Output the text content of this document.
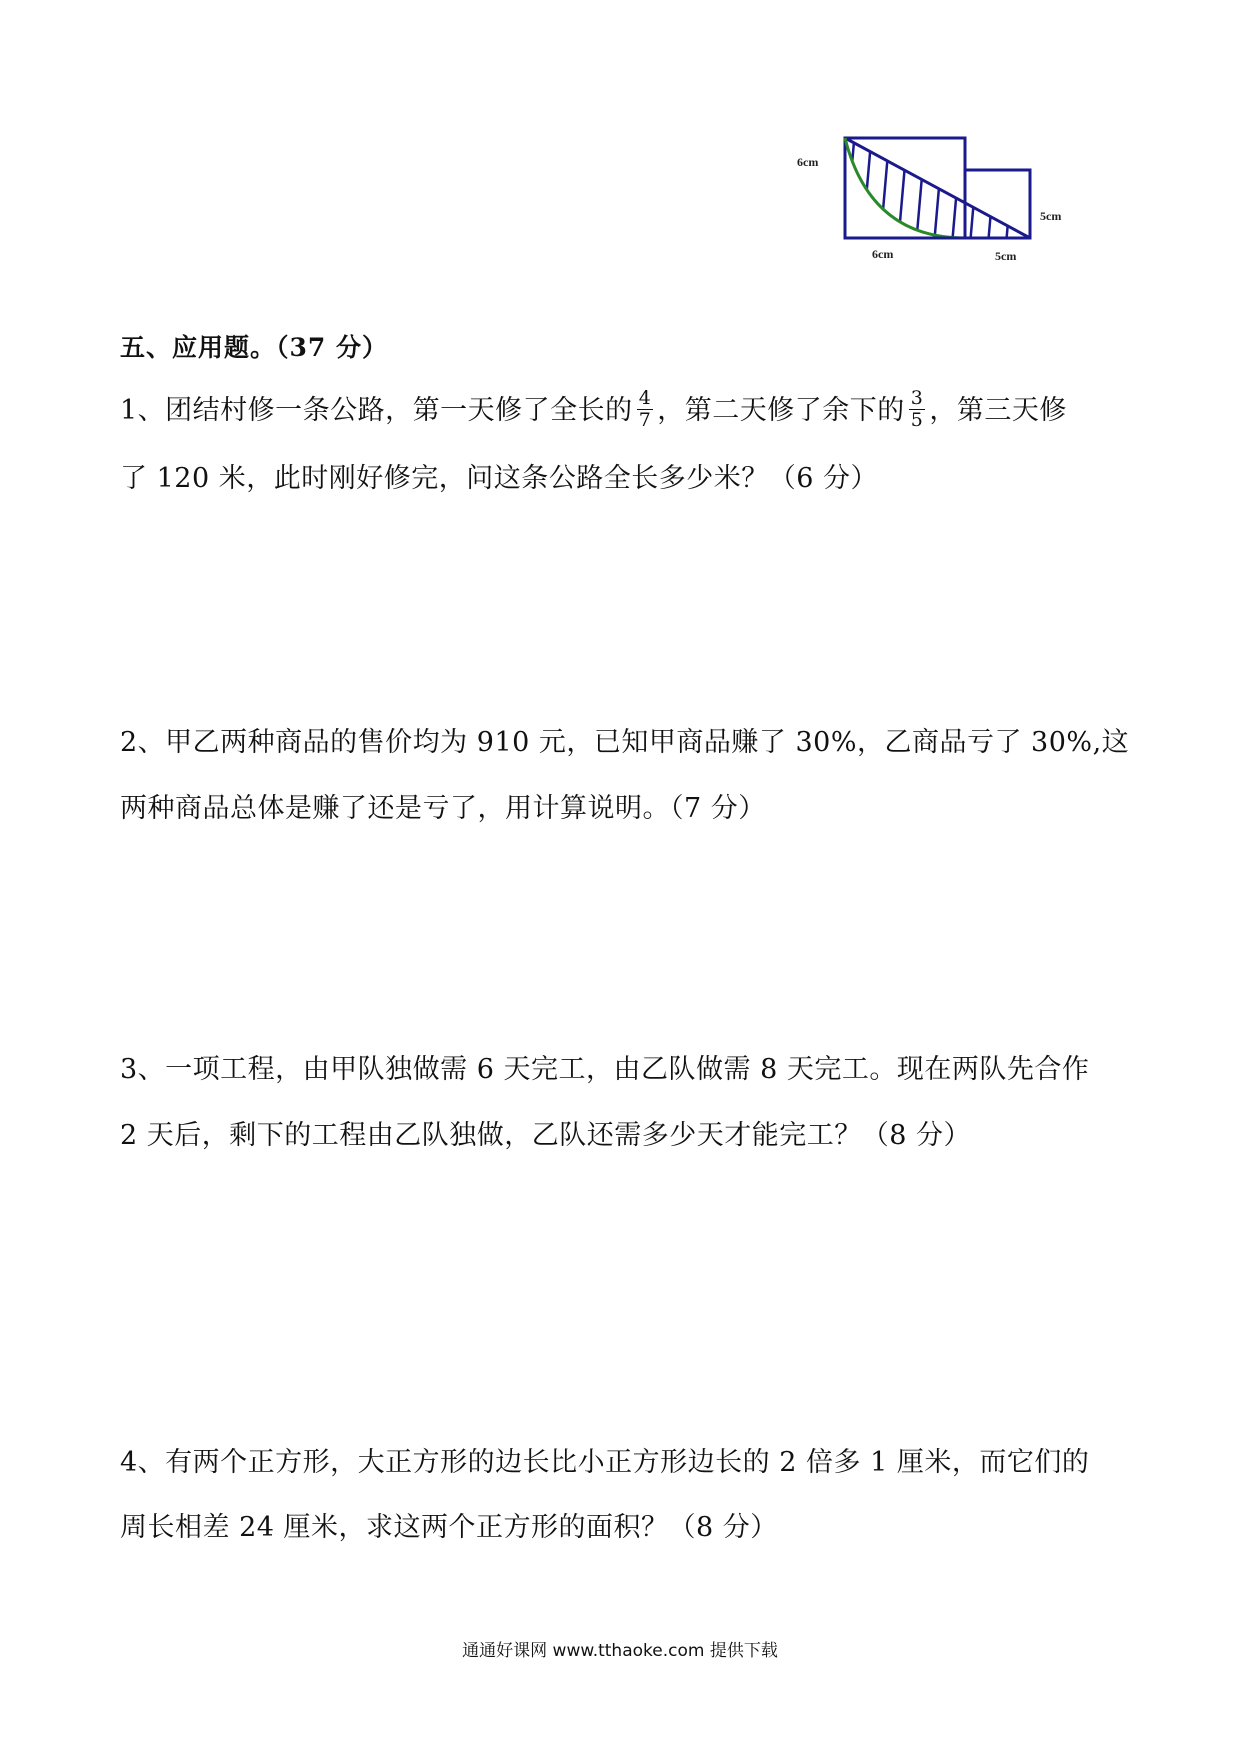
6cm
5cm
6cm	5cm
五、应用题。（37 分）
1、团结村修一条公路，第一天修了全长的 $\frac{4}{7}$ ，第二天修了余下的 $\frac{3}{5}$ ，第三天修
了 120 米，此时刚好修完，问这条公路全长多少米？（6 分）
2、甲乙两种商品的售价均为 910 元，已知甲商品赚了 30%，乙商品亏了 30%,这
两种商品总体是赚了还是亏了，用计算说明。（7 分）
3、一项工程，由甲队独做需 6 天完工，由乙队做需 8 天完工。现在两队先合作
2 天后，剩下的工程由乙队独做，乙队还需多少天才能完工？（8 分）
4、有两个正方形，大正方形的边长比小正方形边长的 2 倍多 1 厘米，而它们的
周长相差 24 厘米，求这两个正方形的面积？（8 分）
通通好课网 www.tthaoke.com 提供下载
